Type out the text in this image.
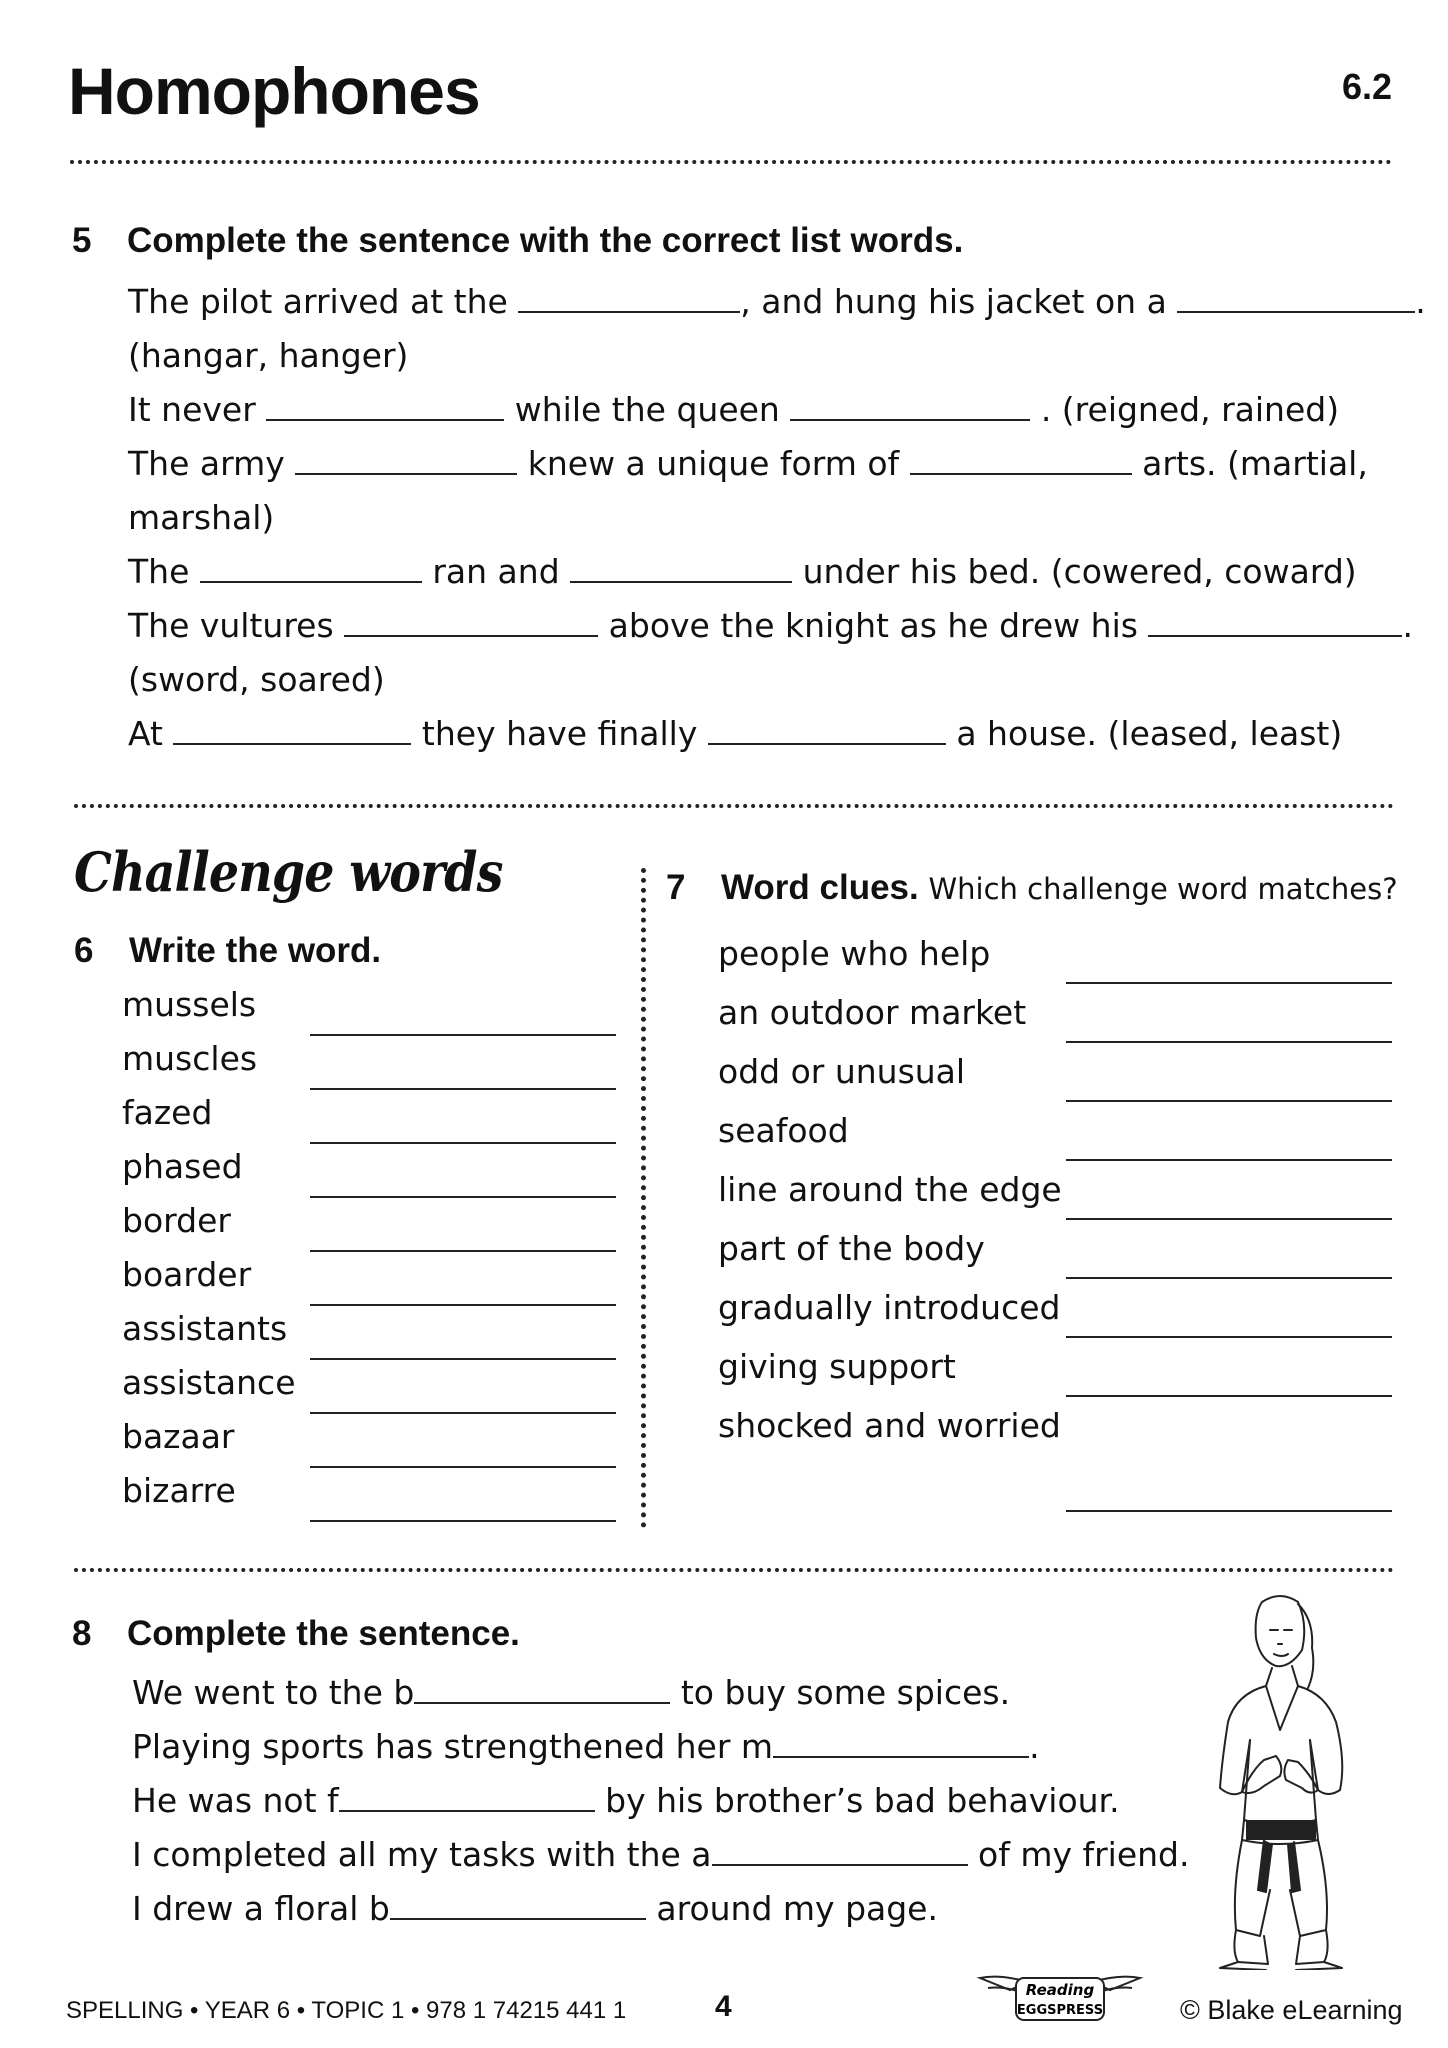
Homophones	6.2
5 Complete the sentence with the correct list words.
The pilot arrived at the	, and hung his jacket on a	.
(hangar, hanger)
It never	while the queen	. (reigned, rained)
The army	knew a unique form of	arts. (martial,
marshal)
The	ran and	under his bed. (cowered, coward)
The vultures	above the knight as he drew his	.
(sword, soared)
At	they have finally	a house. (leased, least)
Challenge words
6 Write the word.
mussels
muscles
fazed
phased
border
boarder
assistants
assistance
bazaar
bizarre
7 Word clues. Which challenge word matches?
people who help
an outdoor market
odd or unusual
seafood
line around the edge
part of the body
gradually introduced
giving support
shocked and worried
8 Complete the sentence.
We went to the b	to buy some spices.
Playing sports has strengthened her m	.
He was not f	by his brother’s bad behaviour.
I completed all my tasks with the a	of my friend.
I drew a floral b	around my page.
SPELLING • YEAR 6 • TOPIC 1 • 978 1 74215 441 1	4	Reading
EGGSPRESS	© Blake eLearning
